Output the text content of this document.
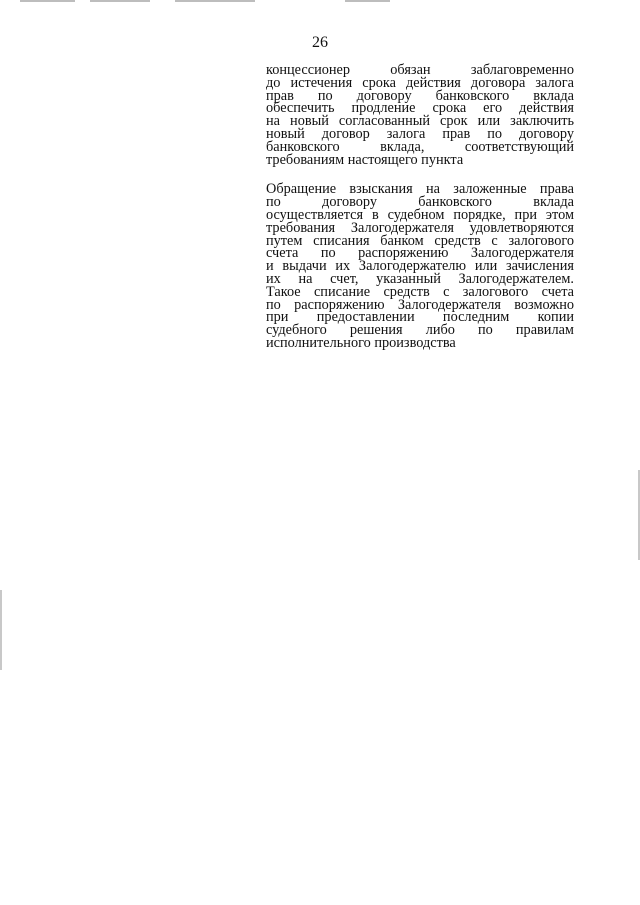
26

концессионер обязан заблаговременно
до истечения срока действия договора залога
прав по договору банковского вклада
обеспечить продление срока его действия
на новый согласованный срок или заключить
новый договор залога прав по договору
банковского вклада, соответствующий
требованиям настоящего пункта

Обращение взыскания на заложенные права
по договору банковского вклада
осуществляется в судебном порядке, при этом
требования Залогодержателя удовлетворяются
путем списания банком средств с залогового
счета по распоряжению Залогодержателя
и выдачи их Залогодержателю или зачисления
их на счет, указанный Залогодержателем.
Такое списание средств с залогового счета
по распоряжению Залогодержателя возможно
при предоставлении последним копии
судебного решения либо по правилам
исполнительного производства
